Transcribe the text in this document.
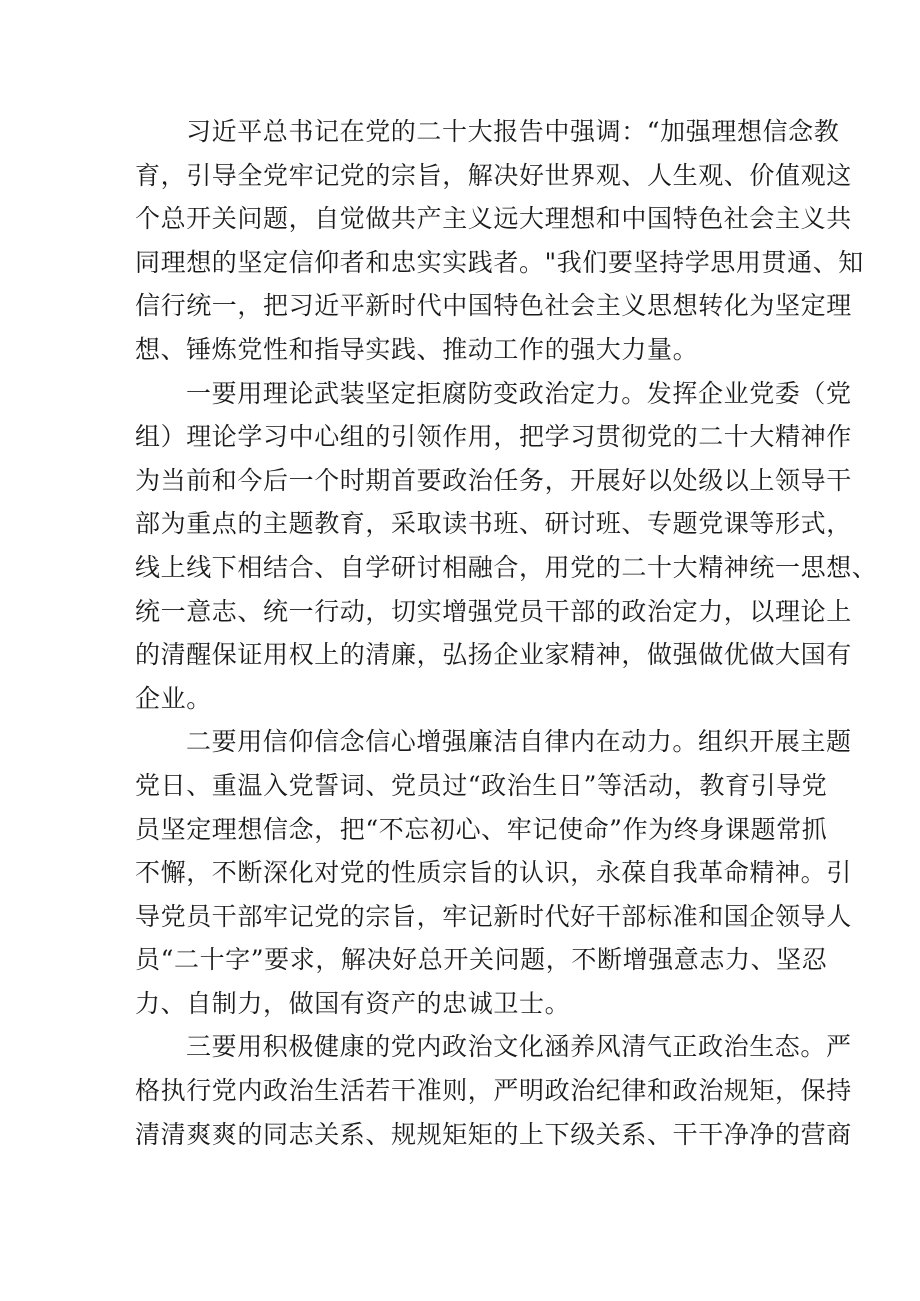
习近平总书记在党的二十大报告中强调：“加强理想信念教
育，引导全党牢记党的宗旨，解决好世界观、人生观、价值观这
个总开关问题，自觉做共产主义远大理想和中国特色社会主义共
同理想的坚定信仰者和忠实实践者。"我们要坚持学思用贯通、知
信行统一，把习近平新时代中国特色社会主义思想转化为坚定理
想、锤炼党性和指导实践、推动工作的强大力量。
一要用理论武装坚定拒腐防变政治定力。发挥企业党委（党
组）理论学习中心组的引领作用，把学习贯彻党的二十大精神作
为当前和今后一个时期首要政治任务，开展好以处级以上领导干
部为重点的主题教育，采取读书班、研讨班、专题党课等形式，
线上线下相结合、自学研讨相融合，用党的二十大精神统一思想、
统一意志、统一行动，切实增强党员干部的政治定力，以理论上
的清醒保证用权上的清廉，弘扬企业家精神，做强做优做大国有
企业。
二要用信仰信念信心增强廉洁自律内在动力。组织开展主题
党日、重温入党誓词、党员过“政治生日”等活动，教育引导党
员坚定理想信念，把“不忘初心、牢记使命”作为终身课题常抓
不懈，不断深化对党的性质宗旨的认识，永葆自我革命精神。引
导党员干部牢记党的宗旨，牢记新时代好干部标准和国企领导人
员“二十字”要求，解决好总开关问题，不断增强意志力、坚忍
力、自制力，做国有资产的忠诚卫士。
三要用积极健康的党内政治文化涵养风清气正政治生态。严
格执行党内政治生活若干准则，严明政治纪律和政治规矩，保持
清清爽爽的同志关系、规规矩矩的上下级关系、干干净净的营商
